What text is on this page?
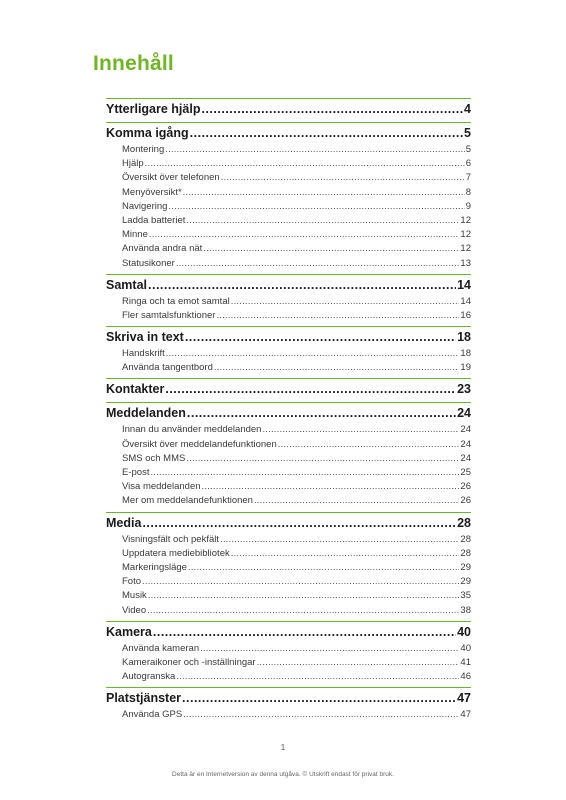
Innehåll
Ytterligare hjälp .....	4
Komma igång .....	5
Montering .....	5
Hjälp .....	6
Översikt över telefonen .....	7
Menyöversikt* .....	8
Navigering .....	9
Ladda batteriet .....	12
Minne .....	12
Använda andra nät .....	12
Statusikoner .....	13
Samtal .....	14
Ringa och ta emot samtal .....	14
Fler samtalsfunktioner .....	16
Skriva in text .....	18
Handskrift .....	18
Använda tangentbord .....	19
Kontakter .....	23
Meddelanden .....	24
Innan du använder meddelanden .....	24
Översikt över meddelandefunktionen .....	24
SMS och MMS .....	24
E-post .....	25
Visa meddelanden .....	26
Mer om meddelandefunktionen .....	26
Media .....	28
Visningsfält och pekfält .....	28
Uppdatera mediebibliotek .....	28
Markeringsläge .....	29
Foto .....	29
Musik .....	35
Video .....	38
Kamera .....	40
Använda kameran .....	40
Kameraikoner och -inställningar .....	41
Autogranska .....	46
Platstjänster .....	47
Använda GPS .....	47
1
Detta är en Internetversion av denna utgåva. © Utskrift endast för privat bruk.
